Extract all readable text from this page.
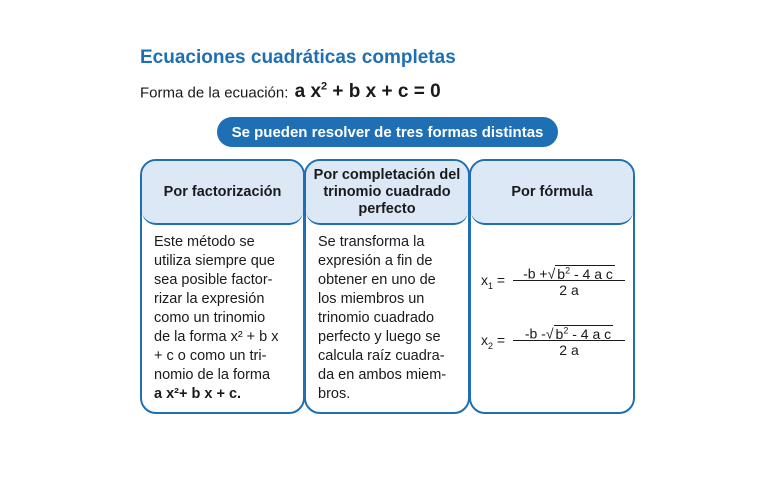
Ecuaciones cuadráticas completas
Forma de la ecuación: a $x^2 + b$ x + c = 0
Se pueden resolver de tres formas distintas
Por factorización
Este método se
utiliza siempre que
sea posible factor-
rizar la expresión
como un trinomio
de la forma x² + b x
+ c o como un tri-
nomio de la forma
a x²+ b x + c.
Por completación del trinomio cuadrado perfecto
Se transforma la
expresión a fin de
obtener en uno de
los miembros un
trinomio cuadrado
perfecto y luego se
calcula raíz cuadra-
da en ambos miem-
bros.
Por fórmula
$x_1 = \frac{-b +√ b^2 - 4 a c}{2 a}$
$x_2 = \frac{-b -√ b^2 - 4 a c}{2 a}$
